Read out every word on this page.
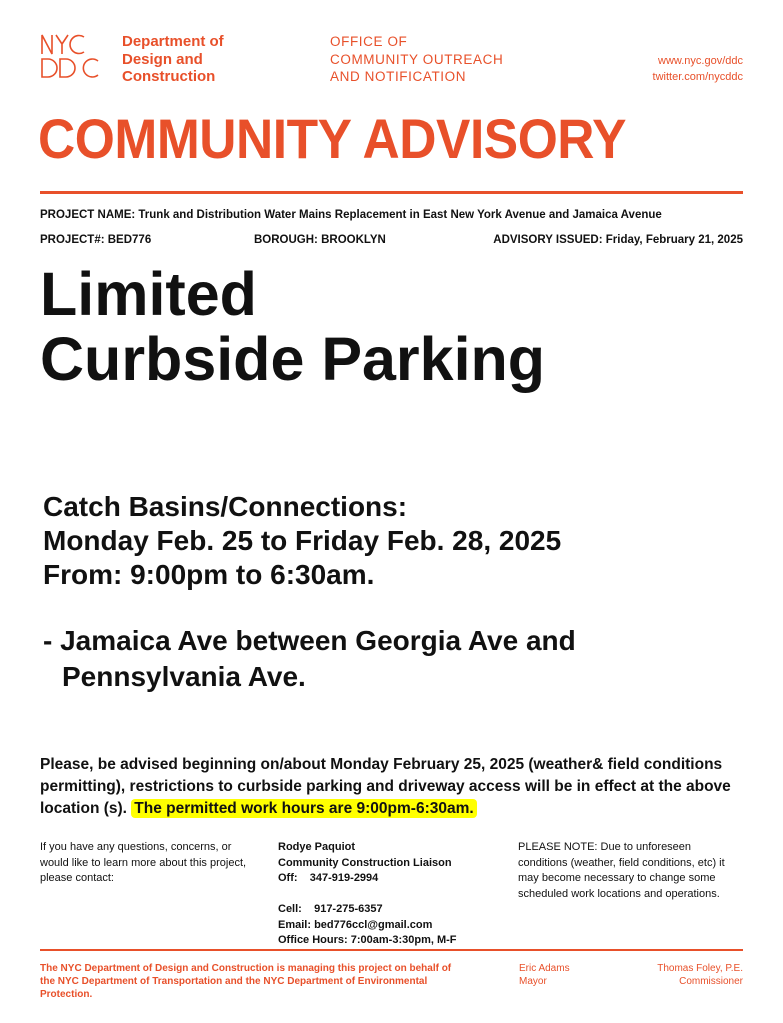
Department of
Design and
Construction
OFFICE OF
COMMUNITY OUTREACH
AND NOTIFICATION
www.nyc.gov/ddc
twitter.com/nycddc
COMMUNITY ADVISORY
PROJECT NAME: Trunk and Distribution Water Mains Replacement in East New York Avenue and Jamaica Avenue
PROJECT#: BED776	BOROUGH: BROOKLYN	ADVISORY ISSUED: Friday, February 21, 2025
Limited
Curbside Parking
Catch Basins/Connections:
Monday Feb. 25 to Friday Feb. 28, 2025
From: 9:00pm to 6:30am.
- Jamaica Ave between Georgia Ave and
Pennsylvania Ave.
Please, be advised beginning on/about Monday February 25, 2025 (weather& field conditions permitting), restrictions to curbside parking and driveway access will be in effect at the above location (s). The permitted work hours are 9:00pm-6:30am.
If you have any questions, concerns, or would like to learn more about this project, please contact:
Rodye Paquiot
Community Construction Liaison
Off: 347-919-2994
Cell: 917-275-6357
Email: bed776ccl@gmail.com
Office Hours: 7:00am-3:30pm, M-F
PLEASE NOTE: Due to unforeseen conditions (weather, field conditions, etc) it may become necessary to change some scheduled work locations and operations.
The NYC Department of Design and Construction is managing this project on behalf of the NYC Department of Transportation and the NYC Department of Environmental Protection.
Eric Adams
Mayor
Thomas Foley, P.E.
Commissioner
